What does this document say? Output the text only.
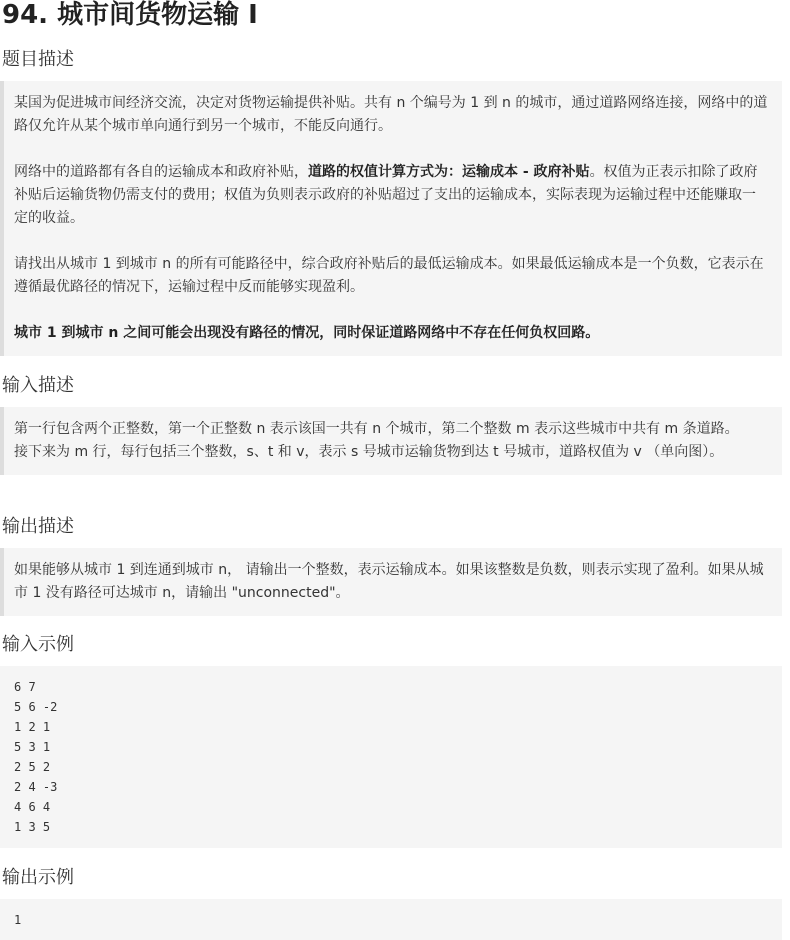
94. 城市间货物运输 I
题目描述

某国为促进城市间经济交流，决定对货物运输提供补贴。共有 n 个编号为 1 到 n 的城市，通过道路网络连接，网络中的道路仅允许从某个城市单向通行到另一个城市，不能反向通行。

网络中的道路都有各自的运输成本和政府补贴，道路的权值计算方式为：运输成本 - 政府补贴。权值为正表示扣除了政府补贴后运输货物仍需支付的费用；权值为负则表示政府的补贴超过了支出的运输成本，实际表现为运输过程中还能赚取一定的收益。

请找出从城市 1 到城市 n 的所有可能路径中，综合政府补贴后的最低运输成本。如果最低运输成本是一个负数，它表示在遵循最优路径的情况下，运输过程中反而能够实现盈利。

城市 1 到城市 n 之间可能会出现没有路径的情况，同时保证道路网络中不存在任何负权回路。

输入描述

第一行包含两个正整数，第一个正整数 n 表示该国一共有 n 个城市，第二个整数 m 表示这些城市中共有 m 条道路。

接下来为 m 行，每行包括三个整数，s、t 和 v，表示 s 号城市运输货物到达 t 号城市，道路权值为 v （单向图）。

输出描述

如果能够从城市 1 到连通到城市 n， 请输出一个整数，表示运输成本。如果该整数是负数，则表示实现了盈利。如果从城市 1 没有路径可达城市 n，请输出 "unconnected"。

输入示例
6 7
5 6 -2
1 2 1
5 3 1
2 5 2
2 4 -3
4 6 4
1 3 5
输出示例
1
